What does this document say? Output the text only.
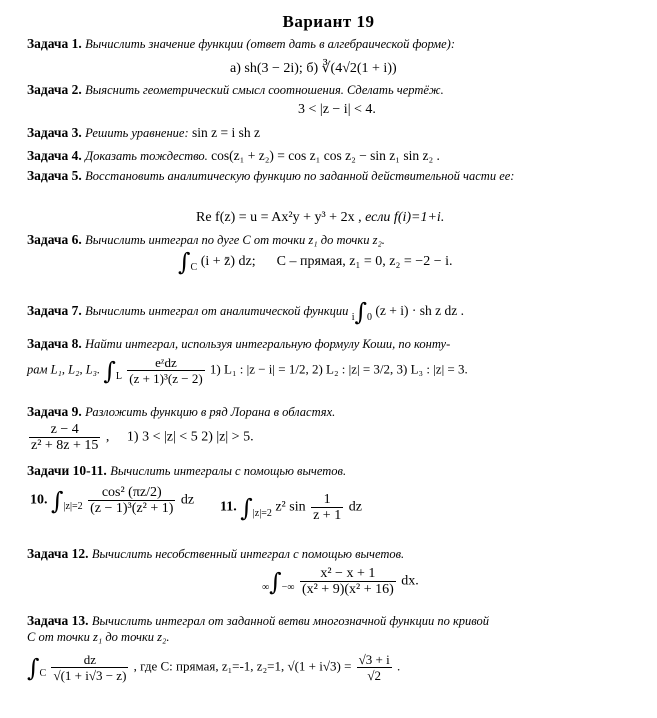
Вариант 19
Задача 1. Вычислить значение функции (ответ дать в алгебраической форме):
а) sh(3 − 2i); б) ∛(4√2(1 + i))
Задача 2. Выяснить геометрический смысл соотношения. Сделать чертёж.
3 < |z − i| < 4.
Задача 3. Решить уравнение: sin z = i sh z
Задача 4. Доказать тождество. cos(z₁ + z₂) = cos z₁ cos z₂ − sin z₁ sin z₂ .
Задача 5. Восстановить аналитическую функцию по заданной действительной части ее:
Re f(z) = u = Ax²y + y³ + 2x , если f(i)=1+i.
Задача 6. Вычислить интеграл по дуге C от точки z₁ до точки z₂.
∫C (i + z̄) dz; C – прямая, z₁ = 0, z₂ = −2 − i.
Задача 7. Вычислить интеграл от аналитической функции i∫0 (z + i) · sh z dz .
Задача 8. Найти интеграл, используя интегральную формулу Коши, по конту-
рам L₁, L₂, L₃. $\int L \frac{\text{eᶻdz}}{\text{(z + 1)³(z − 2)}} 1$) L₁ : |z − i| = 1/2, 2) L₂ : |z| = 3/2, 3) L₃ : |z| = 3.
Задача 9. Разложить функцию в ряд Лорана в областях.
$\frac{z - 4}{\text{z² + 8z + 15}}$ ,     1) 3 < |z| < 5 2) |z| > 5.
Задачи 10-11. Вычислить интегралы с помощью вычетов.
10. $\int|z|=2 \frac{\text{cos² (πz/2)}}{\text{(z − 1)³(z² + 1)}}$ dz 11. ∫|z|=2 z² $\sin \frac{1}{z + 1}$ dz
Задача 12. Вычислить несобственный интеграл с помощью вычетов.
∞∫−∞ $\frac{\text{x² − x + 1}}{\text{(x² + 9)(x² + 16)}}$ dx.
Задача 13. Вычислить интеграл от заданной ветви многозначной функции по кривой
C от точки z₁ до точки z₂.
$\int C \frac{dz}{√(1 + i√3 - z)}$ , где C: прямая, z₁=-1, z₂=1, $√(1 + i√3) = \frac{√3 + i}{√2}$ .
